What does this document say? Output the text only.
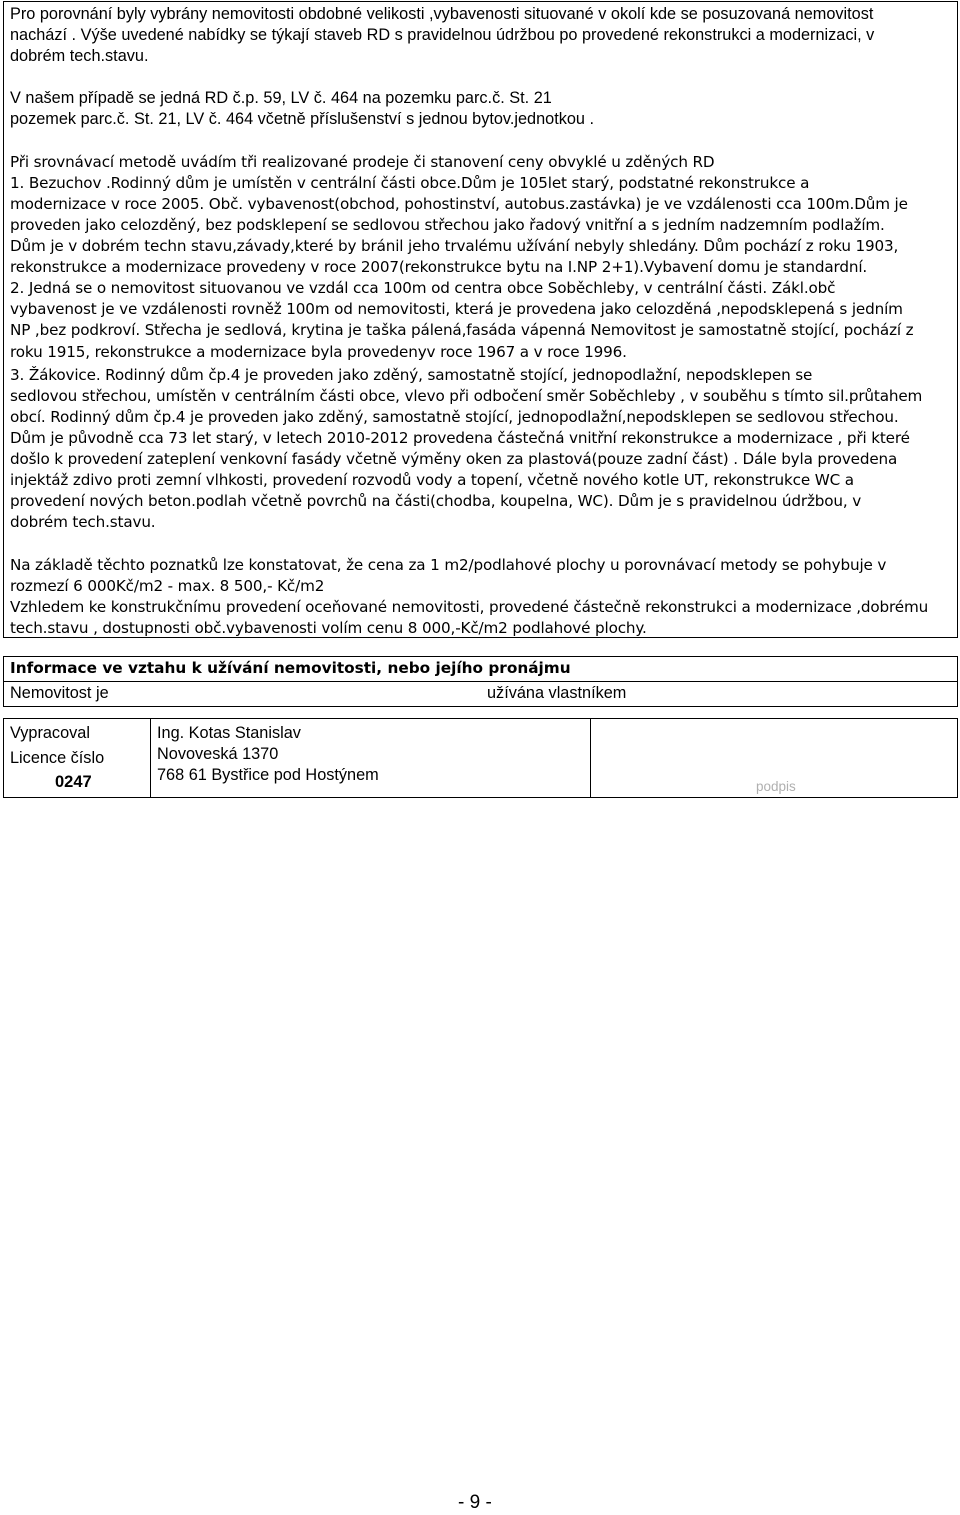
Pro porovnání byly vybrány nemovitosti obdobné velikosti ,vybavenosti situované v okolí kde se posuzovaná nemovitost
nachází . Výše uvedené nabídky se týkají staveb RD s pravidelnou údržbou po provedené rekonstrukci a modernizaci, v
dobrém tech.stavu.
V našem případě se jedná RD č.p. 59, LV č. 464 na pozemku parc.č. St. 21
pozemek parc.č. St. 21, LV č. 464 včetně příslušenství s jednou bytov.jednotkou .
Při srovnávací metodě uvádím tři realizované prodeje či stanovení ceny obvyklé u zděných RD
1. Bezuchov .Rodinný dům je umístěn v centrální části obce.Dům je 105let starý, podstatné rekonstrukce a
modernizace v roce 2005. Obč. vybavenost(obchod, pohostinství, autobus.zastávka) je ve vzdálenosti cca 100m.Dům je
proveden jako celozděný, bez podsklepení se sedlovou střechou jako řadový vnitřní a s jedním nadzemním podlažím.
Dům je v dobrém techn stavu,závady,které by bránil jeho trvalému užívání nebyly shledány. Dům pochází z roku 1903,
rekonstrukce a modernizace provedeny v roce 2007(rekonstrukce bytu na I.NP 2+1).Vybavení domu je standardní.
2. Jedná se o nemovitost situovanou ve vzdál cca 100m od centra obce Soběchleby, v centrální části. Zákl.obč
vybavenost je ve vzdálenosti rovněž 100m od nemovitosti, která je provedena jako celozděná ,nepodsklepená s jedním
NP ,bez podkroví. Střecha je sedlová, krytina je taška pálená,fasáda vápenná Nemovitost je samostatně stojící, pochází z
roku 1915, rekonstrukce a modernizace byla provedenyv roce 1967 a v roce 1996.
3. Žákovice. Rodinný dům čp.4 je proveden jako zděný, samostatně stojící, jednopodlažní, nepodsklepen se
sedlovou střechou, umístěn v centrálním části obce, vlevo při odbočení směr Soběchleby , v souběhu s tímto sil.průtahem
obcí. Rodinný dům čp.4 je proveden jako zděný, samostatně stojící, jednopodlažní,nepodsklepen se sedlovou střechou.
Dům je původně cca 73 let starý, v letech 2010-2012 provedena částečná vnitřní rekonstrukce a modernizace , při které
došlo k provedení zateplení venkovní fasády včetně výměny oken za plastová(pouze zadní část) . Dále byla provedena
injektáž zdivo proti zemní vlhkosti, provedení rozvodů vody a topení, včetně nového kotle UT, rekonstrukce WC a
provedení nových beton.podlah včetně povrchů na části(chodba, koupelna, WC). Dům je s pravidelnou údržbou, v
dobrém tech.stavu.
Na základě těchto poznatků lze konstatovat, že cena za 1 m2/podlahové plochy u porovnávací metody se pohybuje v
rozmezí 6 000Kč/m2 - max. 8 500,- Kč/m2
Vzhledem ke konstrukčnímu provedení oceňované nemovitosti, provedené částečně rekonstrukci a modernizace ,dobrému
tech.stavu , dostupnosti obč.vybavenosti volím cenu 8 000,-Kč/m2 podlahové plochy.
Informace ve vztahu k užívání nemovitosti, nebo jejího pronájmu
Nemovitost je	užívána vlastníkem
Vypracoval
Licence číslo
0247
Ing. Kotas Stanislav
Novoveská 1370
768 61 Bystřice pod Hostýnem
podpis
- 9 -
